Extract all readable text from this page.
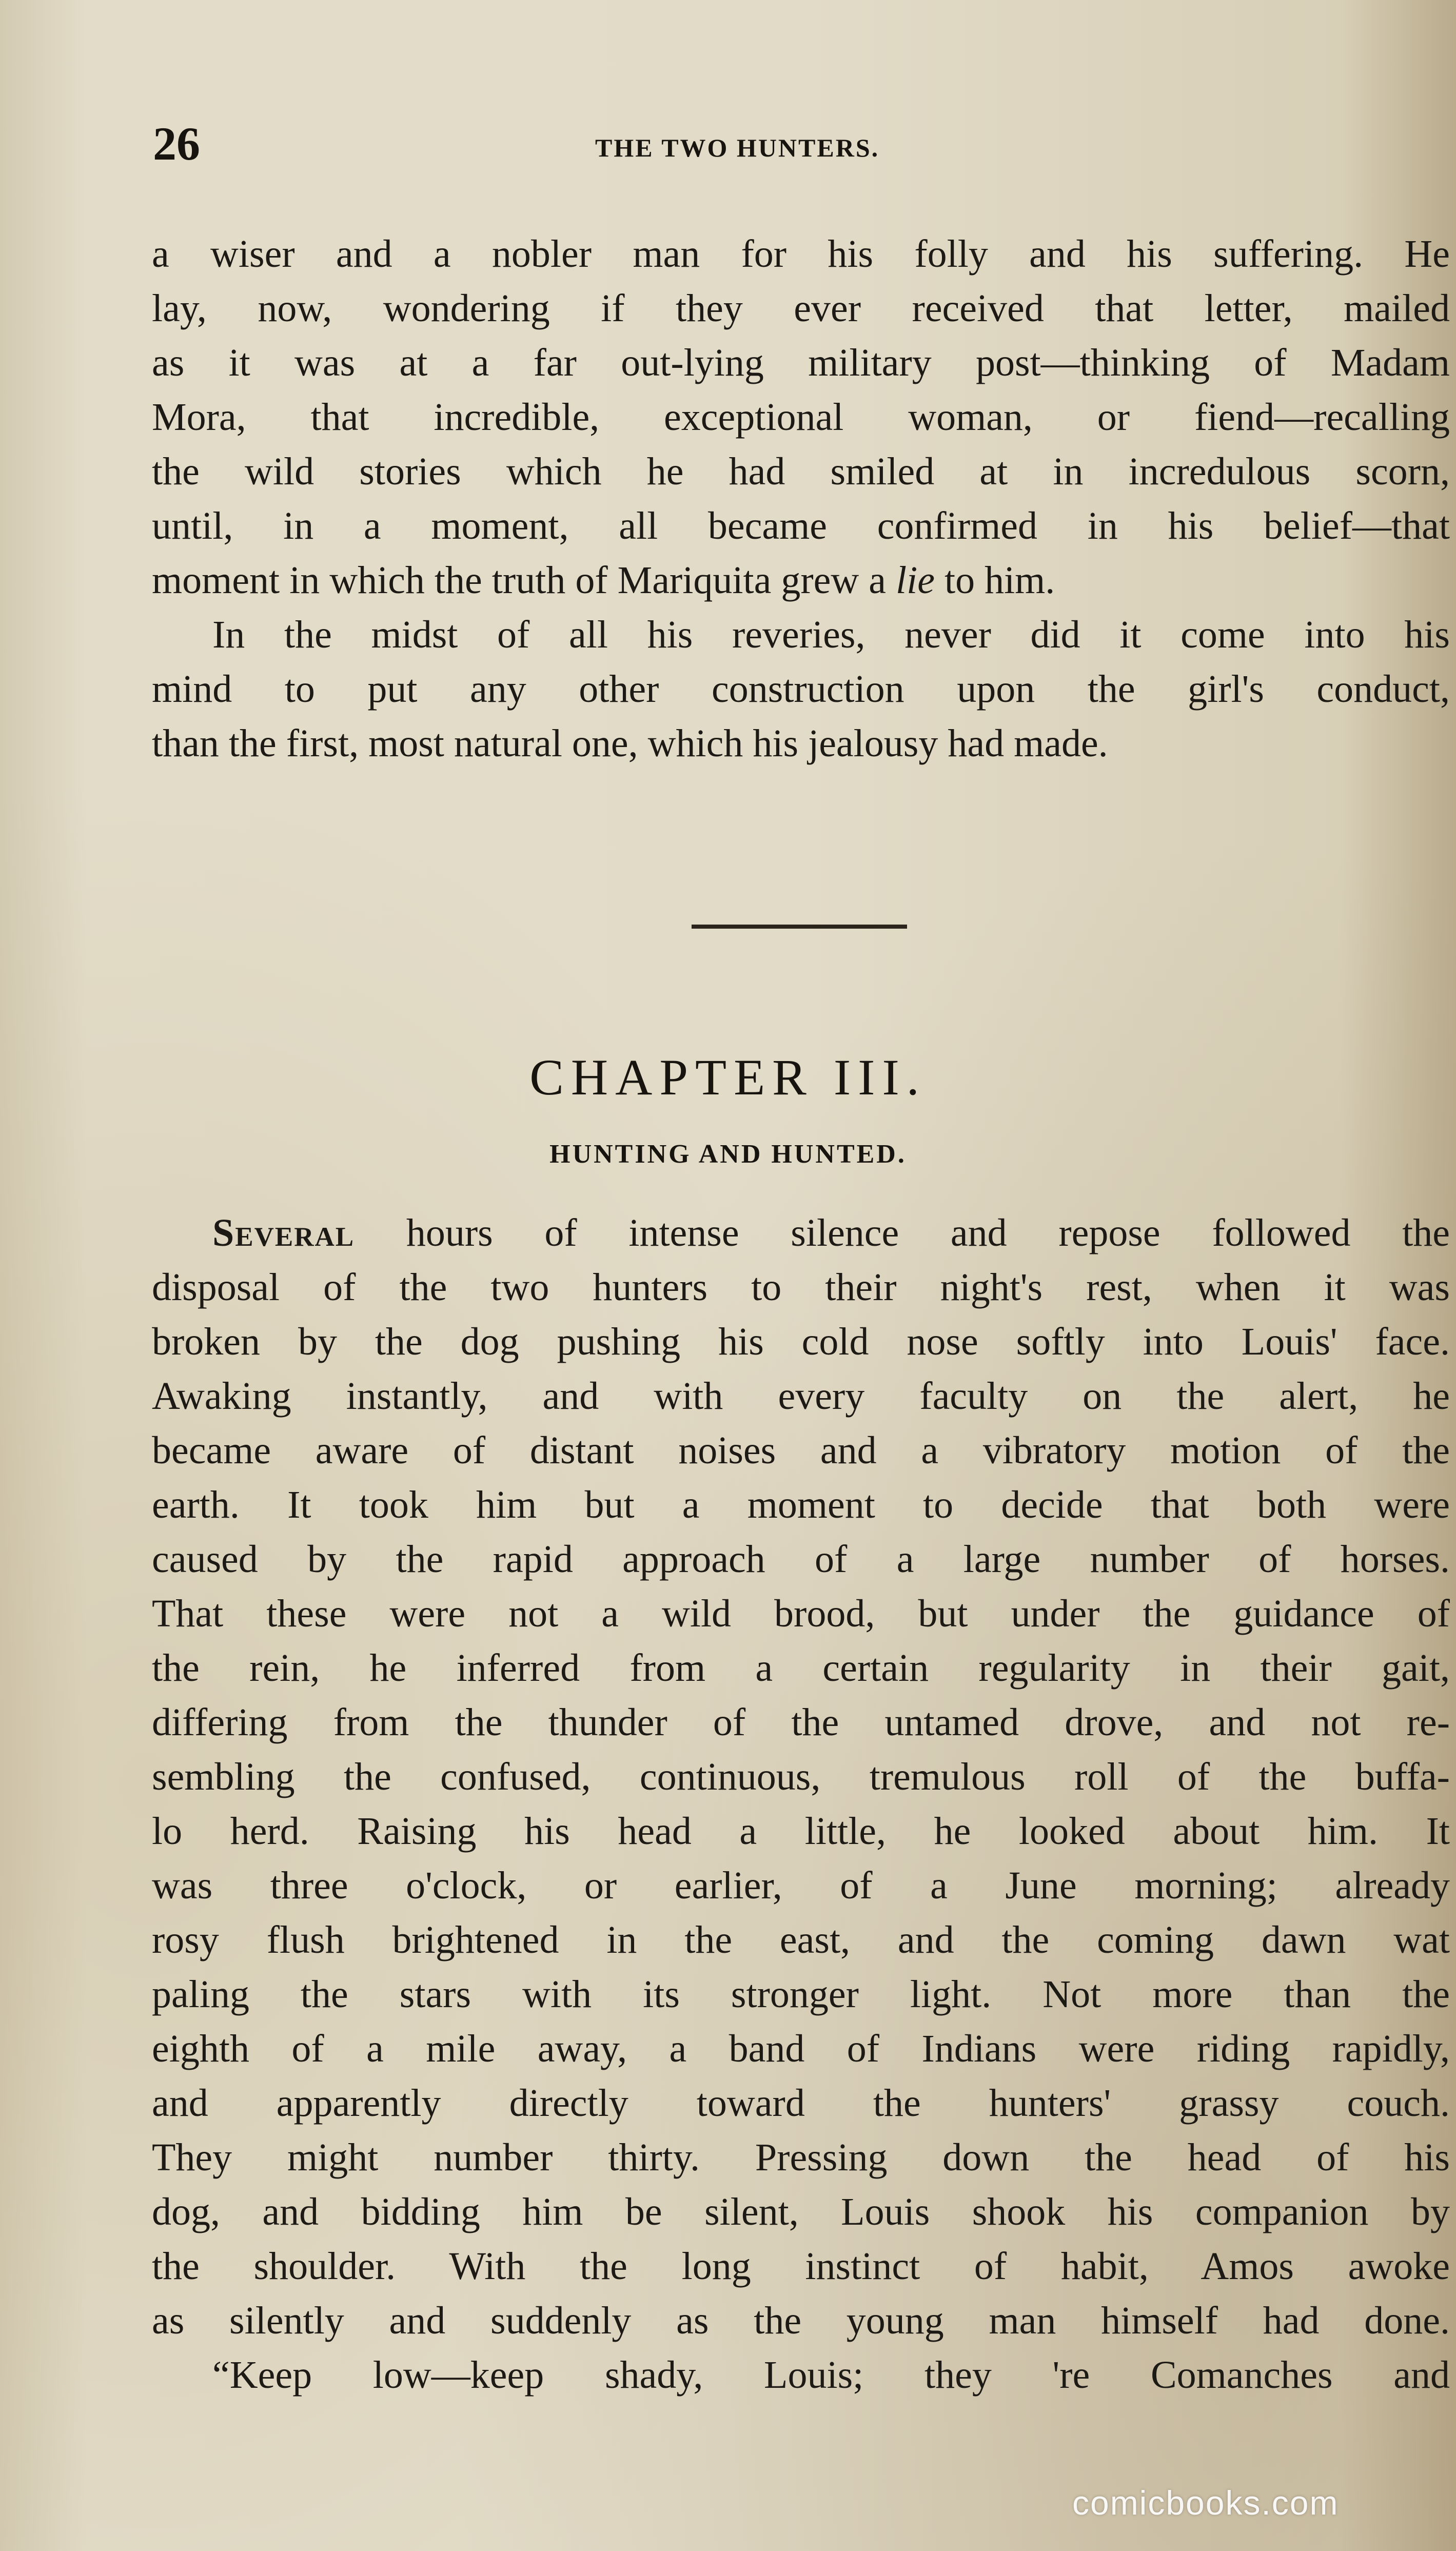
26	THE TWO HUNTERS.
a wiser and a nobler man for his folly and his suffering. He
lay, now, wondering if they ever received that letter, mailed
as it was at a far out-lying military post—thinking of Madam
Mora, that incredible, exceptional woman, or fiend—recalling
the wild stories which he had smiled at in incredulous scorn,
until, in a moment, all became confirmed in his belief—that
moment in which the truth of Mariquita grew a lie to him.
In the midst of all his reveries, never did it come into his
mind to put any other construction upon the girl's conduct,
than the first, most natural one, which his jealousy had made.
CHAPTER III.
HUNTING AND HUNTED.
Several hours of intense silence and repose followed the
disposal of the two hunters to their night's rest, when it was
broken by the dog pushing his cold nose softly into Louis' face.
Awaking instantly, and with every faculty on the alert, he
became aware of distant noises and a vibratory motion of the
earth. It took him but a moment to decide that both were
caused by the rapid approach of a large number of horses.
That these were not a wild brood, but under the guidance of
the rein, he inferred from a certain regularity in their gait,
differing from the thunder of the untamed drove, and not re-
sembling the confused, continuous, tremulous roll of the buffa-
lo herd. Raising his head a little, he looked about him. It
was three o'clock, or earlier, of a June morning; already
rosy flush brightened in the east, and the coming dawn wat
paling the stars with its stronger light. Not more than the
eighth of a mile away, a band of Indians were riding rapidly,
and apparently directly toward the hunters' grassy couch.
They might number thirty. Pressing down the head of his
dog, and bidding him be silent, Louis shook his companion by
the shoulder. With the long instinct of habit, Amos awoke
as silently and suddenly as the young man himself had done.
“Keep low—keep shady, Louis; they 're Comanches and
comicbooks.com
